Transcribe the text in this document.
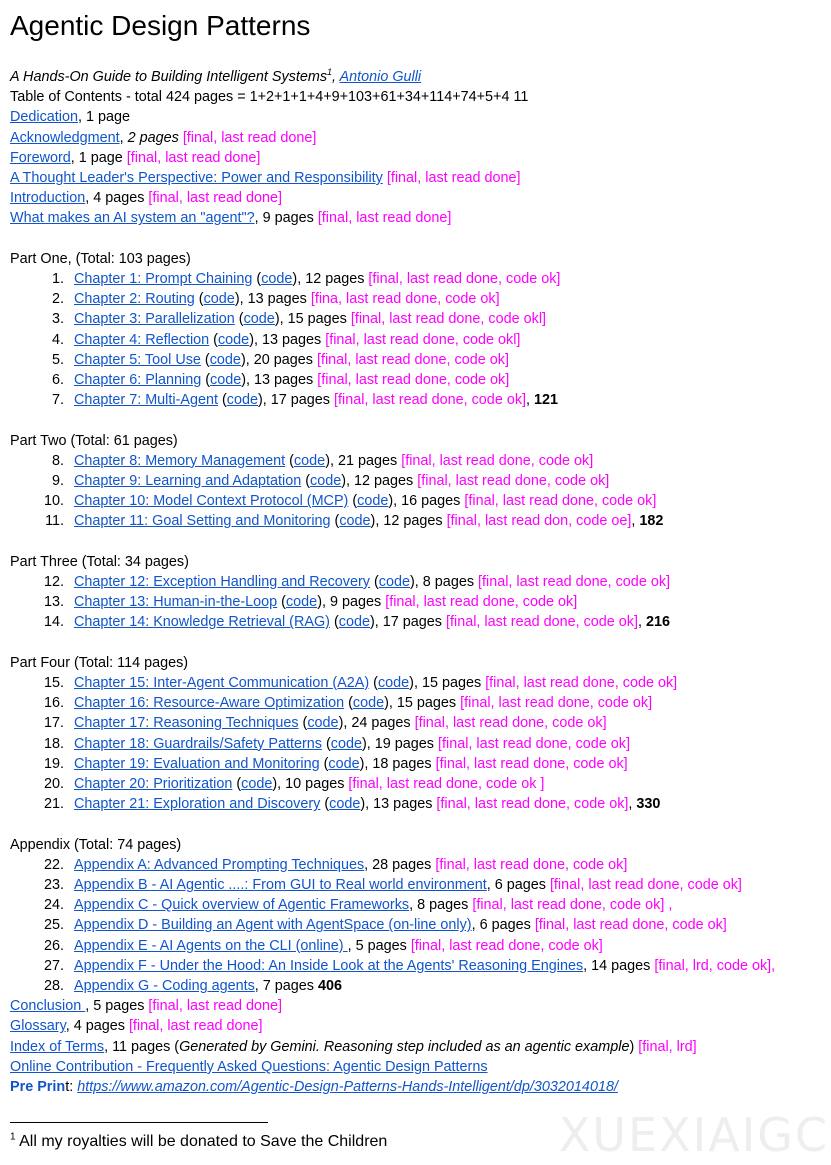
Agentic Design Patterns
A Hands-On Guide to Building Intelligent Systems$^1$, Antonio Gulli
Table of Contents - total 424 pages = 1+2+1+1+4+9+103+61+34+114+74+5+4 11
Dedication, 1 page
Acknowledgment, 2 pages [final, last read done]
Foreword, 1 page [final, last read done]
A Thought Leader's Perspective: Power and Responsibility [final, last read done]
Introduction, 4 pages [final, last read done]
What makes an AI system an "agent"?, 9 pages [final, last read done]
Part One, (Total: 103 pages)
1. Chapter 1: Prompt Chaining (code), 12 pages [final, last read done, code ok]
2. Chapter 2: Routing (code), 13 pages [fina, last read done, code ok]
3. Chapter 3: Parallelization (code), 15 pages [final, last read done, code okl]
4. Chapter 4: Reflection (code), 13 pages [final, last read done, code okl]
5. Chapter 5: Tool Use (code), 20 pages [final, last read done, code ok]
6. Chapter 6: Planning (code), 13 pages [final, last read done, code ok]
7. Chapter 7: Multi-Agent (code), 17 pages [final, last read done, code ok], 121
Part Two (Total: 61 pages)
8. Chapter 8: Memory Management (code), 21 pages [final, last read done, code ok]
9. Chapter 9: Learning and Adaptation (code), 12 pages [final, last read done, code ok]
10. Chapter 10: Model Context Protocol (MCP) (code), 16 pages [final, last read done, code ok]
11. Chapter 11: Goal Setting and Monitoring (code), 12 pages [final, last read don, code oe], 182
Part Three (Total: 34 pages)
12. Chapter 12: Exception Handling and Recovery (code), 8 pages [final, last read done, code ok]
13. Chapter 13: Human-in-the-Loop (code), 9 pages [final, last read done, code ok]
14. Chapter 14: Knowledge Retrieval (RAG) (code), 17 pages [final, last read done, code ok], 216
Part Four (Total: 114 pages)
15. Chapter 15: Inter-Agent Communication (A2A) (code), 15 pages [final, last read done, code ok]
16. Chapter 16: Resource-Aware Optimization (code), 15 pages [final, last read done, code ok]
17. Chapter 17: Reasoning Techniques (code), 24 pages [final, last read done, code ok]
18. Chapter 18: Guardrails/Safety Patterns (code), 19 pages [final, last read done, code ok]
19. Chapter 19: Evaluation and Monitoring (code), 18 pages [final, last read done, code ok]
20. Chapter 20: Prioritization (code), 10 pages [final, last read done, code ok ]
21. Chapter 21: Exploration and Discovery (code), 13 pages [final, last read done, code ok], 330
Appendix (Total: 74 pages)
22. Appendix A: Advanced Prompting Techniques, 28 pages [final, last read done, code ok]
23. Appendix B - AI Agentic ....: From GUI to Real world environment, 6 pages [final, last read done, code ok]
24. Appendix C - Quick overview of Agentic Frameworks, 8 pages [final, last read done, code ok] ,
25. Appendix D - Building an Agent with AgentSpace (on-line only), 6 pages [final, last read done, code ok]
26. Appendix E - AI Agents on the CLI (online) , 5 pages [final, last read done, code ok]
27. Appendix F - Under the Hood: An Inside Look at the Agents' Reasoning Engines, 14 pages [final, lrd, code ok],
28. Appendix G - Coding agents, 7 pages 406
Conclusion , 5 pages [final, last read done]
Glossary, 4 pages [final, last read done]
Index of Terms, 11 pages (Generated by Gemini. Reasoning step included as an agentic example) [final, lrd]
Online Contribution - Frequently Asked Questions: Agentic Design Patterns
Pre Print: https://www.amazon.com/Agentic-Design-Patterns-Hands-Intelligent/dp/3032014018/
$^1$ All my royalties will be donated to Save the Children	XUEXIAIGC
